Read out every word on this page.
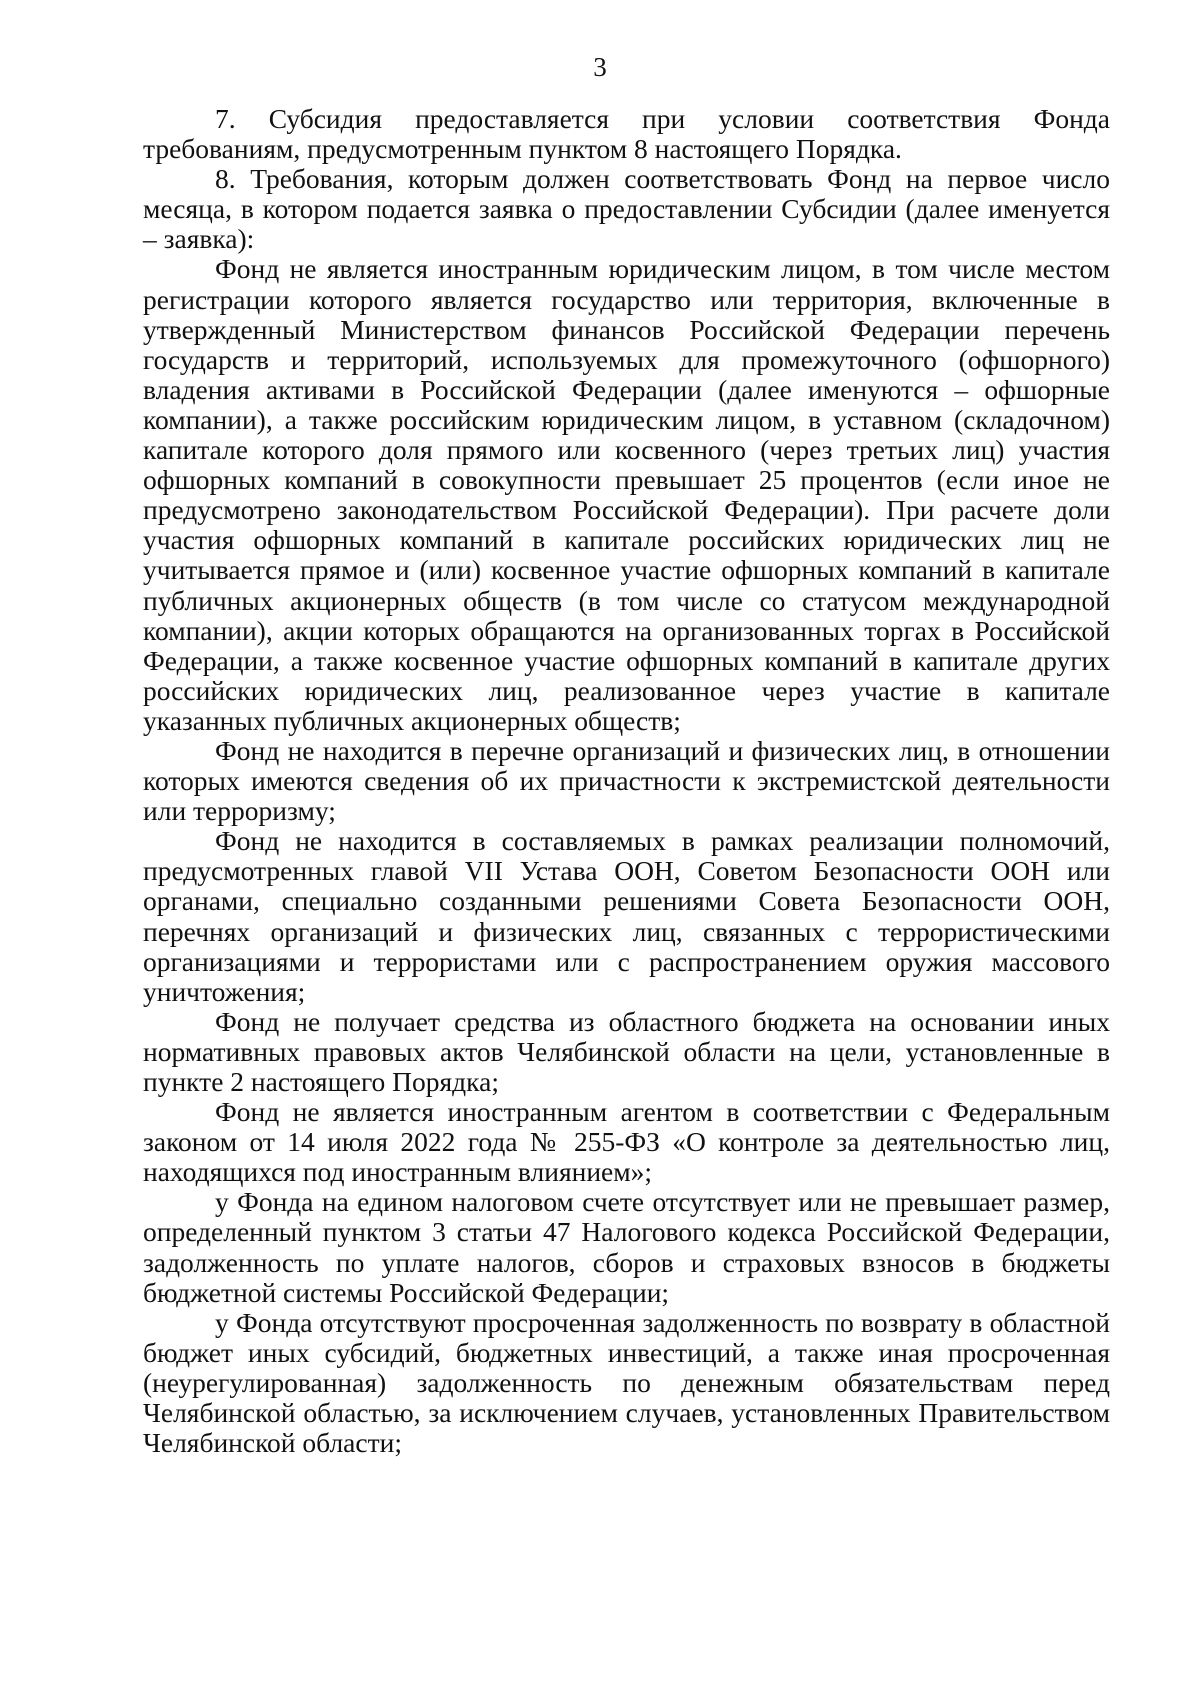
3

7. Субсидия предоставляется при условии соответствия Фонда требованиям, предусмотренным пунктом 8 настоящего Порядка.

8. Требования, которым должен соответствовать Фонд на первое число месяца, в котором подается заявка о предоставлении Субсидии (далее именуется – заявка):

Фонд не является иностранным юридическим лицом, в том числе местом регистрации которого является государство или территория, включенные в утвержденный Министерством финансов Российской Федерации перечень государств и территорий, используемых для промежуточного (офшорного) владения активами в Российской Федерации (далее именуются – офшорные компании), а также российским юридическим лицом, в уставном (складочном) капитале которого доля прямого или косвенного (через третьих лиц) участия офшорных компаний в совокупности превышает 25 процентов (если иное не предусмотрено законодательством Российской Федерации). При расчете доли участия офшорных компаний в капитале российских юридических лиц не учитывается прямое и (или) косвенное участие офшорных компаний в капитале публичных акционерных обществ (в том числе со статусом международной компании), акции которых обращаются на организованных торгах в Российской Федерации, а также косвенное участие офшорных компаний в капитале других российских юридических лиц, реализованное через участие в капитале указанных публичных акционерных обществ;

Фонд не находится в перечне организаций и физических лиц, в отношении которых имеются сведения об их причастности к экстремистской деятельности или терроризму;

Фонд не находится в составляемых в рамках реализации полномочий, предусмотренных главой VII Устава ООН, Советом Безопасности ООН или органами, специально созданными решениями Совета Безопасности ООН, перечнях организаций и физических лиц, связанных с террористическими организациями и террористами или с распространением оружия массового уничтожения;

Фонд не получает средства из областного бюджета на основании иных нормативных правовых актов Челябинской области на цели, установленные в пункте 2 настоящего Порядка;

Фонд не является иностранным агентом в соответствии с Федеральным законом от 14 июля 2022 года № 255-ФЗ «О контроле за деятельностью лиц, находящихся под иностранным влиянием»;

у Фонда на едином налоговом счете отсутствует или не превышает размер, определенный пунктом 3 статьи 47 Налогового кодекса Российской Федерации, задолженность по уплате налогов, сборов и страховых взносов в бюджеты бюджетной системы Российской Федерации;

у Фонда отсутствуют просроченная задолженность по возврату в областной бюджет иных субсидий, бюджетных инвестиций, а также иная просроченная (неурегулированная) задолженность по денежным обязательствам перед Челябинской областью, за исключением случаев, установленных Правительством Челябинской области;
